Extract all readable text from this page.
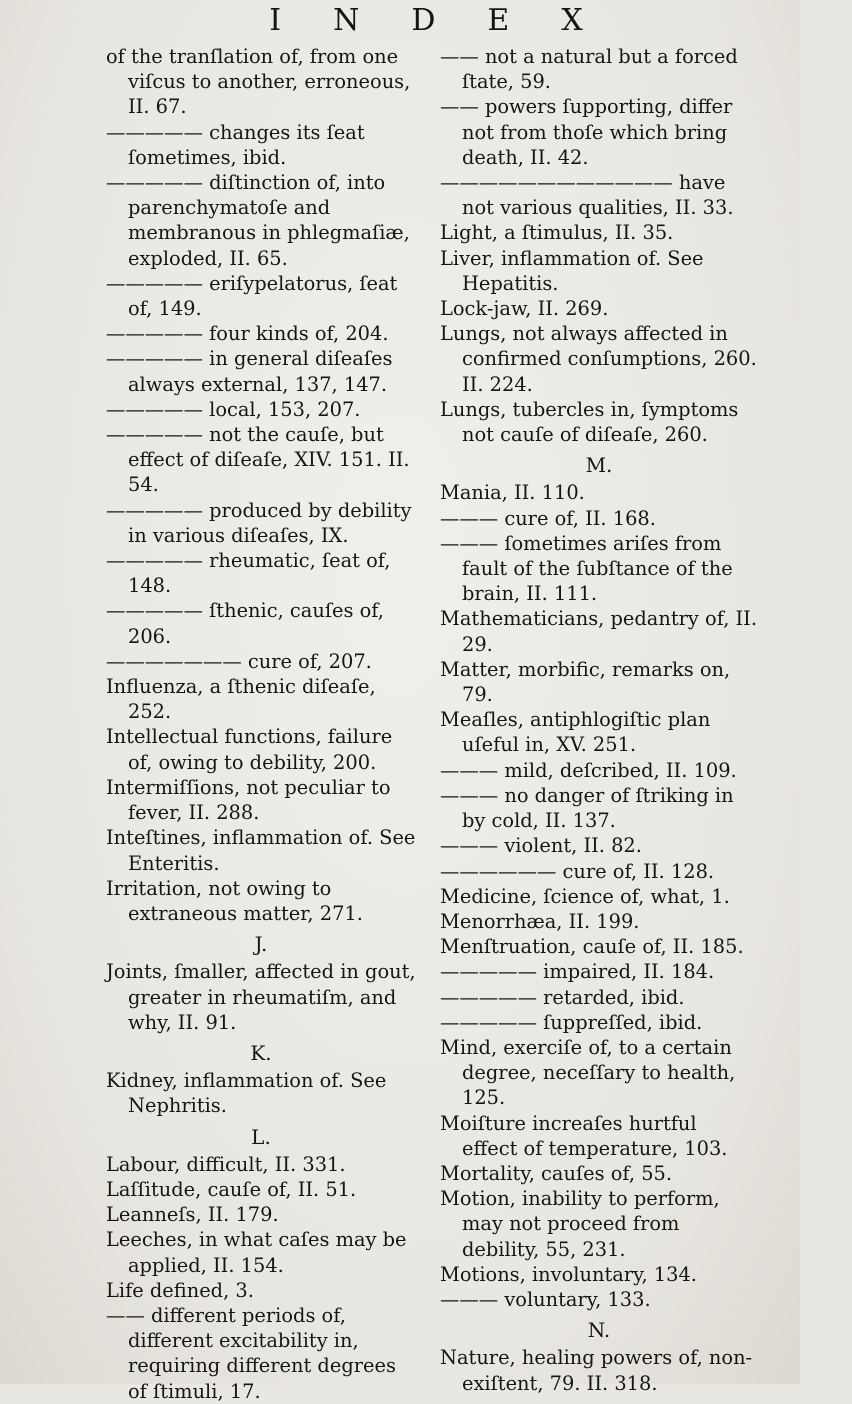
INDEX
of the tranſlation of, from one viſcus to another, erroneous, II. 67.
————— changes its ſeat ſometimes, ibid.
————— diſtinction of, into parenchymatoſe and membranous in phlegmaſiæ, exploded, II. 65.
————— eriſypelatorus, ſeat of, 149.
————— four kinds of, 204.
————— in general diſeaſes always external, 137, 147.
————— local, 153, 207.
————— not the cauſe, but effect of diſeaſe, XIV. 151. II. 54.
————— produced by debility in various diſeaſes, IX.
————— rheumatic, ſeat of, 148.
————— ſthenic, cauſes of, 206.
——————— cure of, 207.
Influenza, a ſthenic diſeaſe, 252.
Intellectual functions, failure of, owing to debility, 200.
Intermiſſions, not peculiar to fever, II. 288.
Inteſtines, inflammation of. See Enteritis.
Irritation, not owing to extraneous matter, 271.
J.
Joints, ſmaller, affected in gout, greater in rheumatiſm, and why, II. 91.
K.
Kidney, inflammation of. See Nephritis.
L.
Labour, difficult, II. 331.
Laſſitude, cauſe of, II. 51.
Leanneſs, II. 179.
Leeches, in what caſes may be applied, II. 154.
Life defined, 3.
—— different periods of, different excitability in, requiring different degrees of ſtimuli, 17.
—— not a natural but a forced ſtate, 59.
—— powers ſupporting, differ not from thoſe which bring death, II. 42.
———————————— have not various qualities, II. 33.
Light, a ſtimulus, II. 35.
Liver, inflammation of. See Hepatitis.
Lock-jaw, II. 269.
Lungs, not always affected in confirmed conſumptions, 260. II. 224.
Lungs, tubercles in, ſymptoms not cauſe of diſeaſe, 260.
M.
Mania, II. 110.
——— cure of, II. 168.
——— ſometimes ariſes from fault of the ſubſtance of the brain, II. 111.
Mathematicians, pedantry of, II. 29.
Matter, morbific, remarks on, 79.
Meaſles, antiphlogiſtic plan uſeful in, XV. 251.
——— mild, deſcribed, II. 109.
——— no danger of ſtriking in by cold, II. 137.
——— violent, II. 82.
—————— cure of, II. 128.
Medicine, ſcience of, what, 1.
Menorrhæa, II. 199.
Menſtruation, cauſe of, II. 185.
————— impaired, II. 184.
————— retarded, ibid.
————— ſuppreſſed, ibid.
Mind, exerciſe of, to a certain degree, neceſſary to health, 125.
Moiſture increaſes hurtful effect of temperature, 103.
Mortality, cauſes of, 55.
Motion, inability to perform, may not proceed from debility, 55, 231.
Motions, involuntary, 134.
——— voluntary, 133.
N.
Nature, healing powers of, non-exiſtent, 79. II. 318.
